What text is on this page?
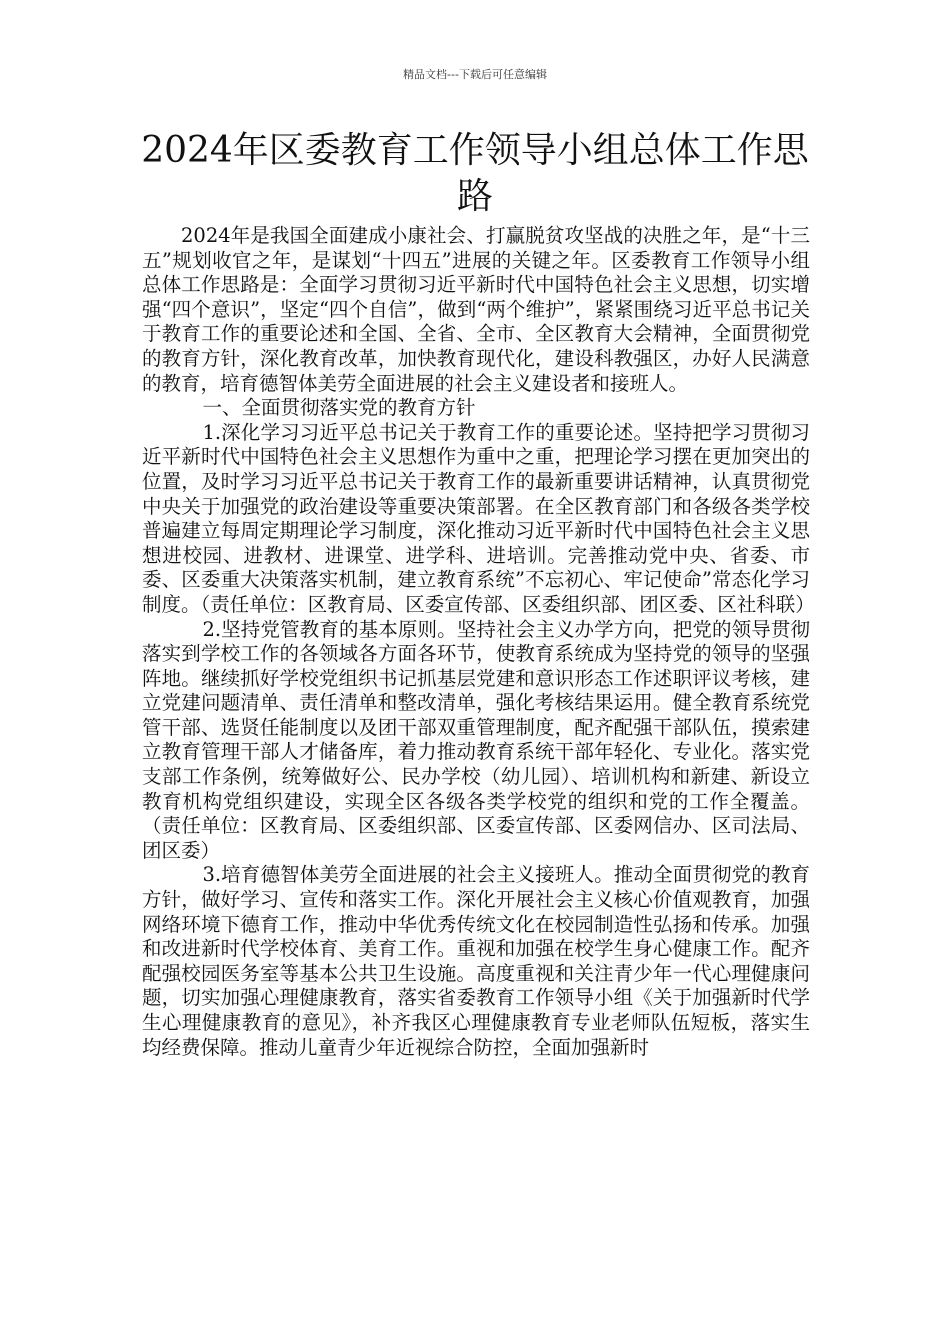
精品文档---下载后可任意编辑
2024年区委教育工作领导小组总体工作思路

2024年是我国全面建成小康社会、打赢脱贫攻坚战的决胜之年，是“十三五”规划收官之年，是谋划“十四五”进展的关键之年。区委教育工作领导小组总体工作思路是：全面学习贯彻习近平新时代中国特色社会主义思想，切实增强“四个意识”，坚定“四个自信”，做到“两个维护”，紧紧围绕习近平总书记关于教育工作的重要论述和全国、全省、全市、全区教育大会精神，全面贯彻党的教育方针，深化教育改革，加快教育现代化，建设科教强区，办好人民满意的教育，培育德智体美劳全面进展的社会主义建设者和接班人。

一、全面贯彻落实党的教育方针

1.深化学习习近平总书记关于教育工作的重要论述。坚持把学习贯彻习近平新时代中国特色社会主义思想作为重中之重，把理论学习摆在更加突出的位置，及时学习习近平总书记关于教育工作的最新重要讲话精神，认真贯彻党中央关于加强党的政治建设等重要决策部署。在全区教育部门和各级各类学校普遍建立每周定期理论学习制度，深化推动习近平新时代中国特色社会主义思想进校园、进教材、进课堂、进学科、进培训。完善推动党中央、省委、市委、区委重大决策落实机制，建立教育系统”不忘初心、牢记使命”常态化学习制度。（责任单位：区教育局、区委宣传部、区委组织部、团区委、区社科联）

2.坚持党管教育的基本原则。坚持社会主义办学方向，把党的领导贯彻落实到学校工作的各领域各方面各环节，使教育系统成为坚持党的领导的坚强阵地。继续抓好学校党组织书记抓基层党建和意识形态工作述职评议考核，建立党建问题清单、责任清单和整改清单，强化考核结果运用。健全教育系统党管干部、选贤任能制度以及团干部双重管理制度，配齐配强干部队伍，摸索建立教育管理干部人才储备库，着力推动教育系统干部年轻化、专业化。落实党支部工作条例，统筹做好公、民办学校（幼儿园）、培训机构和新建、新设立教育机构党组织建设，实现全区各级各类学校党的组织和党的工作全覆盖。（责任单位：区教育局、区委组织部、区委宣传部、区委网信办、区司法局、团区委）

3.培育德智体美劳全面进展的社会主义接班人。推动全面贯彻党的教育方针，做好学习、宣传和落实工作。深化开展社会主义核心价值观教育，加强网络环境下德育工作，推动中华优秀传统文化在校园制造性弘扬和传承。加强和改进新时代学校体育、美育工作。重视和加强在校学生身心健康工作。配齐配强校园医务室等基本公共卫生设施。高度重视和关注青少年一代心理健康问题，切实加强心理健康教育，落实省委教育工作领导小组《关于加强新时代学生心理健康教育的意见》，补齐我区心理健康教育专业老师队伍短板，落实生均经费保障。推动儿童青少年近视综合防控，全面加强新时
